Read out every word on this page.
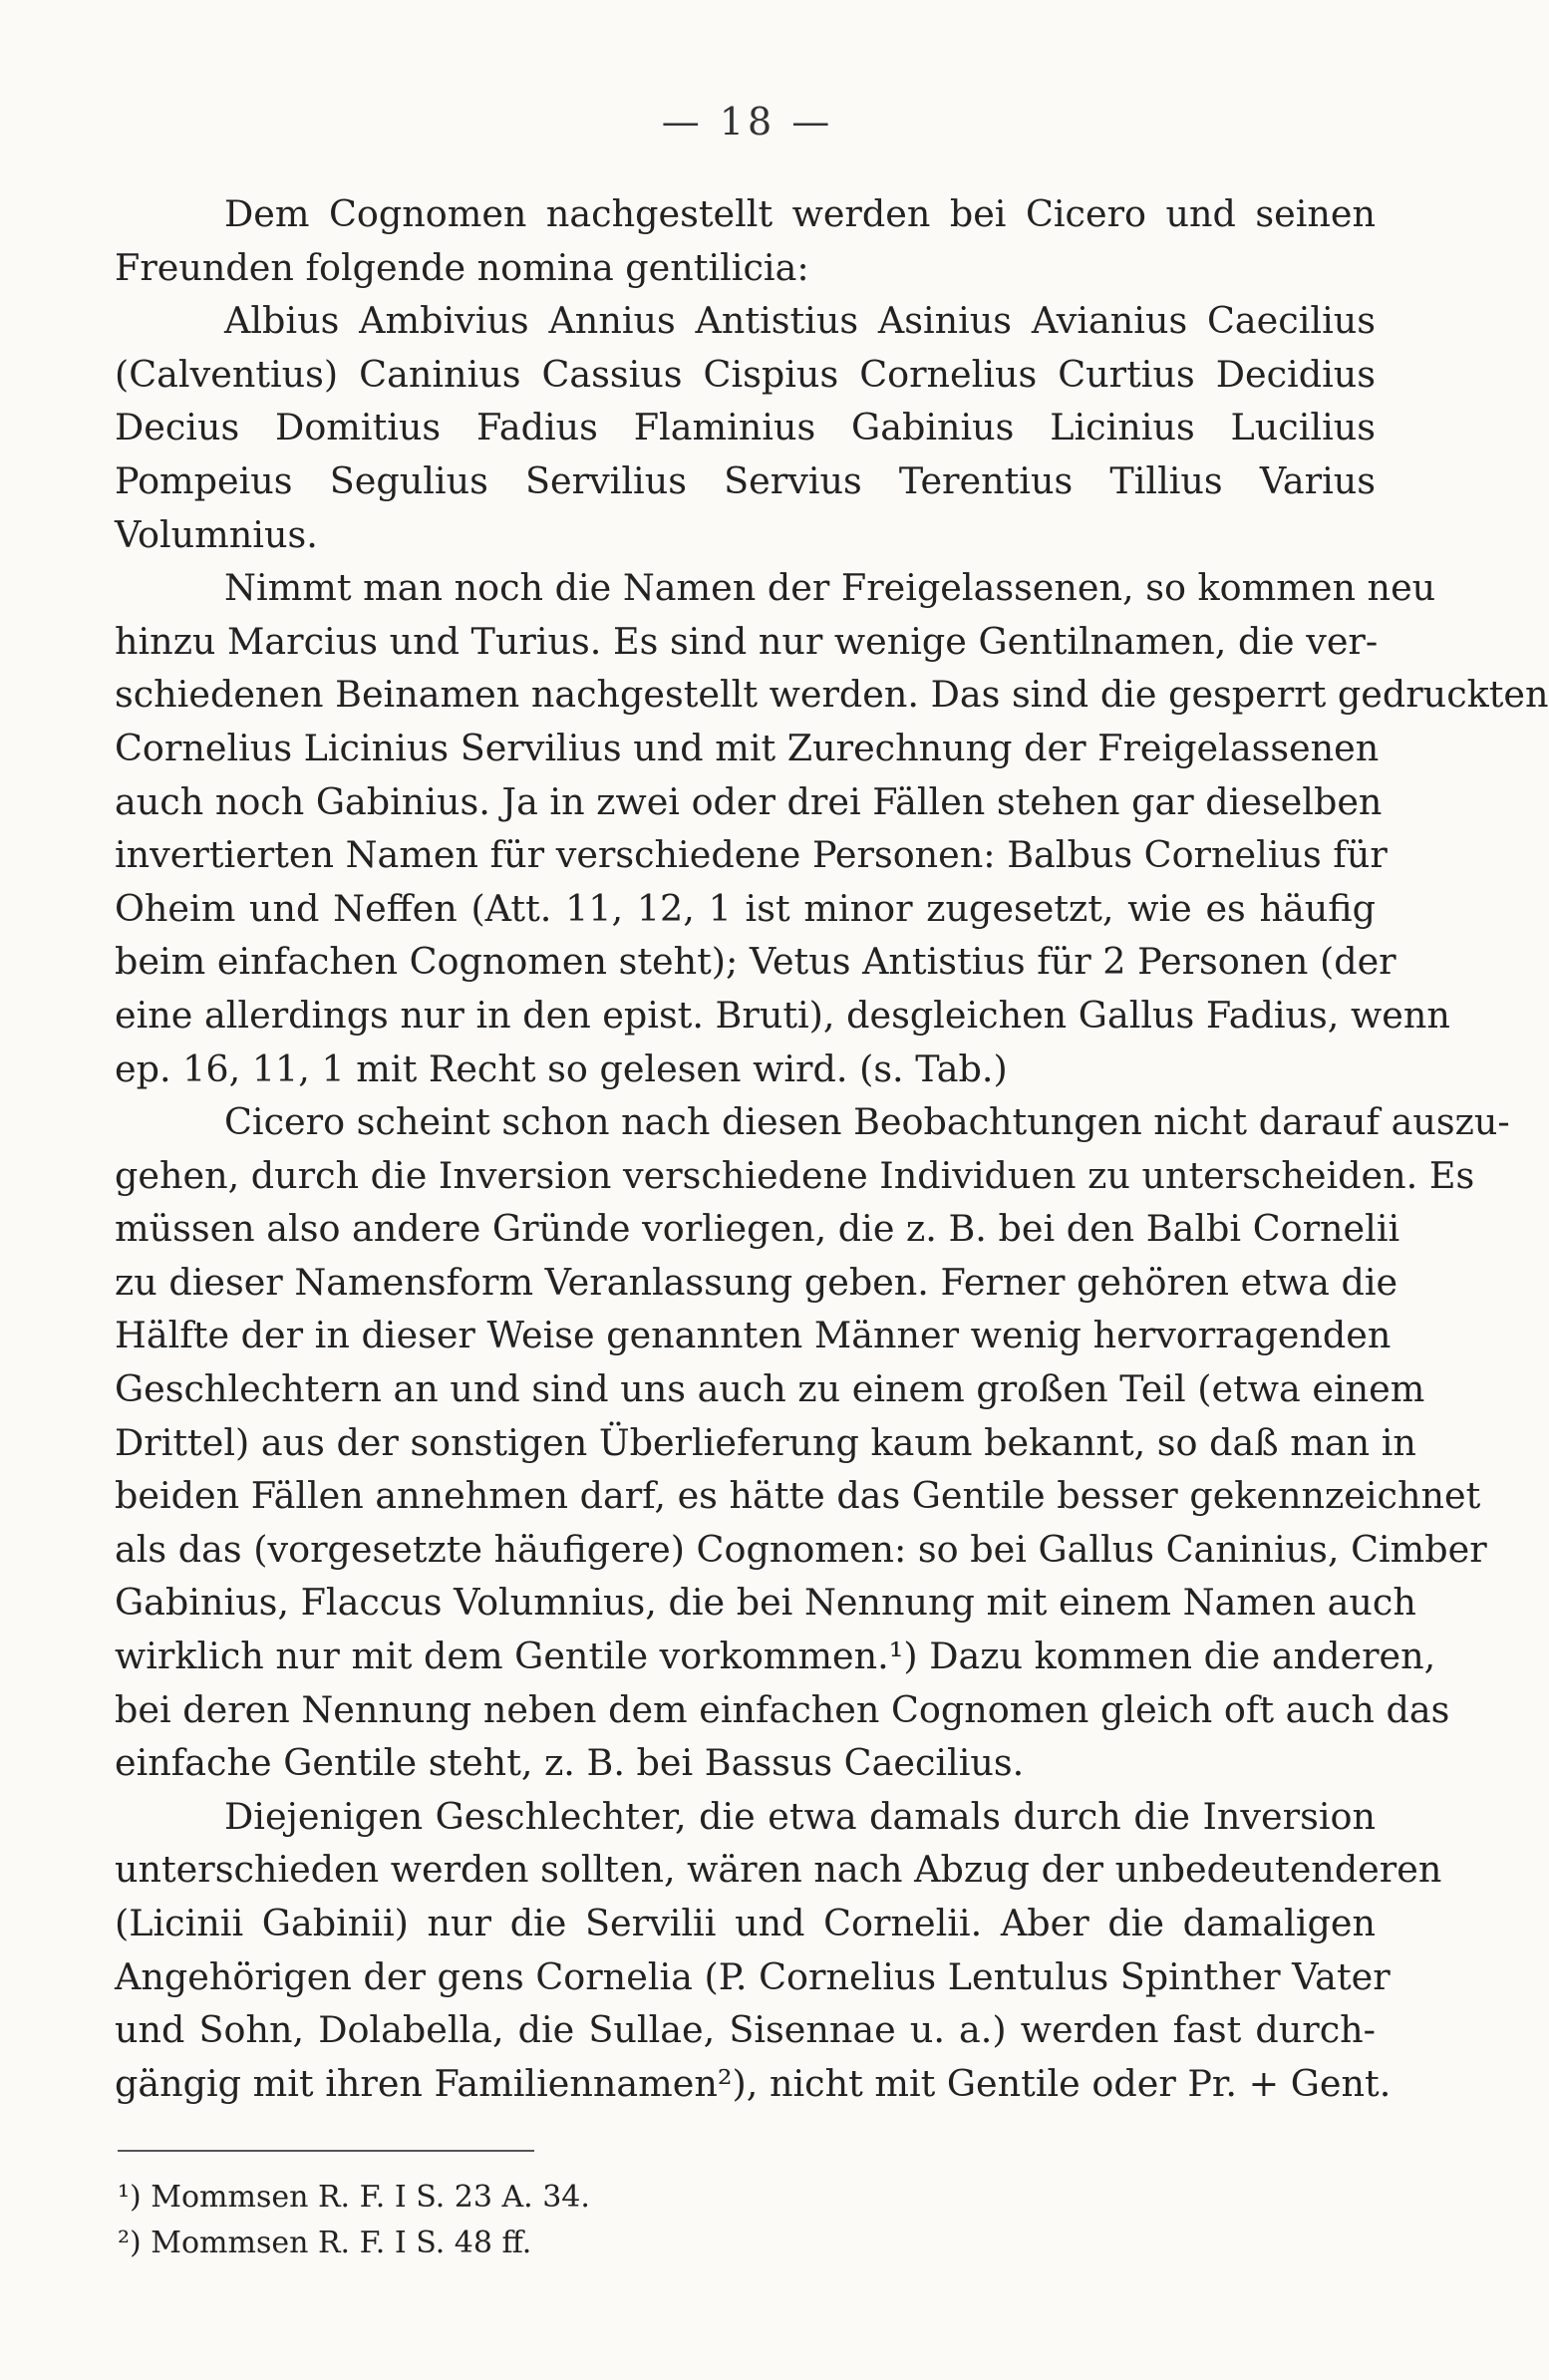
— 18 —
Dem Cognomen nachgestellt werden bei Cicero und seinen
Freunden folgende nomina gentilicia:
Albius Ambivius Annius Antistius Asinius Avianius Caecilius
(Calventius) Caninius Cassius Cispius Cornelius Curtius Decidius
Decius Domitius Fadius Flaminius Gabinius Licinius Lucilius
Pompeius Segulius Servilius Servius Terentius Tillius Varius
Volumnius.
Nimmt man noch die Namen der Freigelassenen, so kommen neu
hinzu Marcius und Turius. Es sind nur wenige Gentilnamen, die ver-
schiedenen Beinamen nachgestellt werden. Das sind die gesperrt gedruckten
Cornelius Licinius Servilius und mit Zurechnung der Freigelassenen
auch noch Gabinius. Ja in zwei oder drei Fällen stehen gar dieselben
invertierten Namen für verschiedene Personen: Balbus Cornelius für
Oheim und Neffen (Att. 11, 12, 1 ist minor zugesetzt, wie es häufig
beim einfachen Cognomen steht); Vetus Antistius für 2 Personen (der
eine allerdings nur in den epist. Bruti), desgleichen Gallus Fadius, wenn
ep. 16, 11, 1 mit Recht so gelesen wird. (s. Tab.)
Cicero scheint schon nach diesen Beobachtungen nicht darauf auszu-
gehen, durch die Inversion verschiedene Individuen zu unterscheiden. Es
müssen also andere Gründe vorliegen, die z. B. bei den Balbi Cornelii
zu dieser Namensform Veranlassung geben. Ferner gehören etwa die
Hälfte der in dieser Weise genannten Männer wenig hervorragenden
Geschlechtern an und sind uns auch zu einem großen Teil (etwa einem
Drittel) aus der sonstigen Überlieferung kaum bekannt, so daß man in
beiden Fällen annehmen darf, es hätte das Gentile besser gekennzeichnet
als das (vorgesetzte häufigere) Cognomen: so bei Gallus Caninius, Cimber
Gabinius, Flaccus Volumnius, die bei Nennung mit einem Namen auch
wirklich nur mit dem Gentile vorkommen.¹) Dazu kommen die anderen,
bei deren Nennung neben dem einfachen Cognomen gleich oft auch das
einfache Gentile steht, z. B. bei Bassus Caecilius.
Diejenigen Geschlechter, die etwa damals durch die Inversion
unterschieden werden sollten, wären nach Abzug der unbedeutenderen
(Licinii Gabinii) nur die Servilii und Cornelii. Aber die damaligen
Angehörigen der gens Cornelia (P. Cornelius Lentulus Spinther Vater
und Sohn, Dolabella, die Sullae, Sisennae u. a.) werden fast durch-
gängig mit ihren Familiennamen²), nicht mit Gentile oder Pr. + Gent.
¹) Mommsen R. F. I S. 23 A. 34.
²) Mommsen R. F. I S. 48 ff.
